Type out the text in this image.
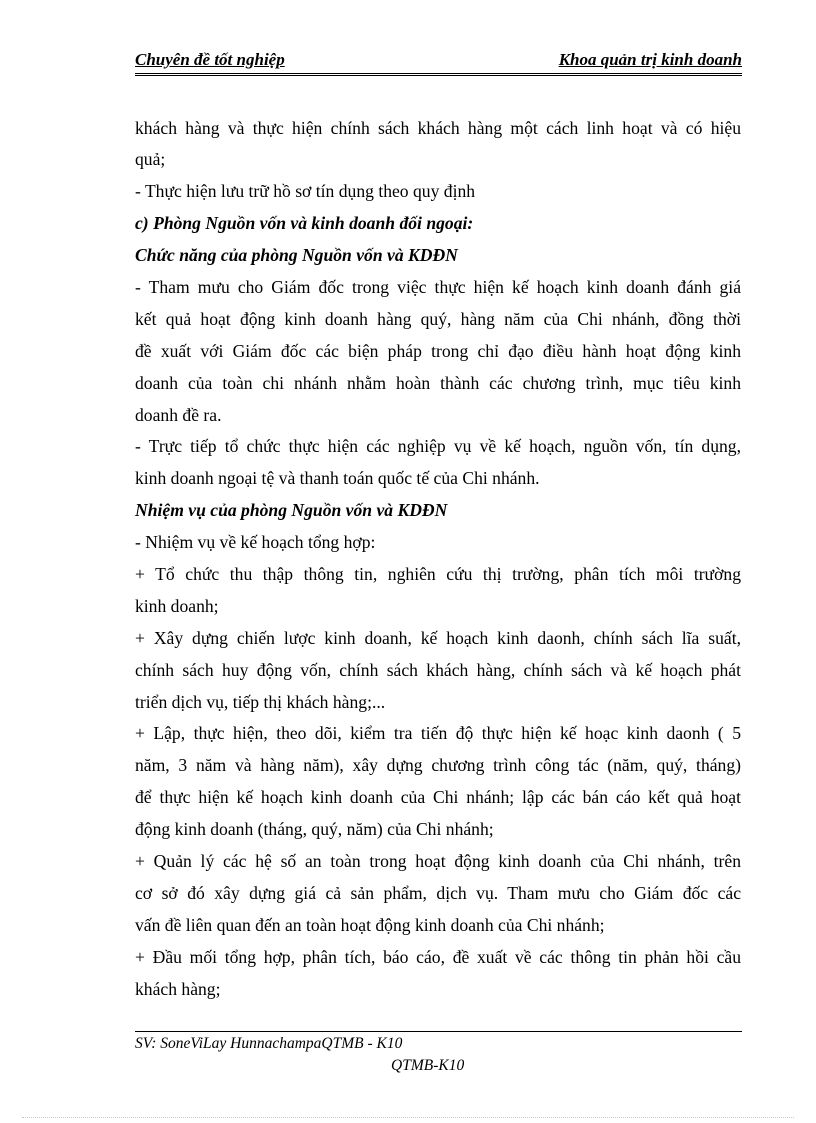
Chuyên đề tốt nghiệp	Khoa quản trị kinh doanh
khách hàng và thực hiện chính sách khách hàng một cách linh hoạt và có hiệu
quả;
- Thực hiện lưu trữ hồ sơ tín dụng theo quy định
c) Phòng Nguồn vốn và kinh doanh đối ngoại:
Chức năng của phòng Nguồn vốn và KDĐN
- Tham mưu cho Giám đốc trong việc thực hiện kế hoạch kinh doanh đánh giá
kết quả hoạt động kinh doanh hàng quý, hàng năm của Chi nhánh, đồng thời
đề xuất với Giám đốc các biện pháp trong chỉ đạo điều hành hoạt động kinh
doanh của toàn chi nhánh nhằm hoàn thành các chương trình, mục tiêu kinh
doanh đề ra.
- Trực tiếp tổ chức thực hiện các nghiệp vụ về kế hoạch, nguồn vốn, tín dụng,
kinh doanh ngoại tệ và thanh toán quốc tế của Chi nhánh.
Nhiệm vụ của phòng Nguồn vốn và KDĐN
- Nhiệm vụ về kế hoạch tổng hợp:
+ Tổ chức thu thập thông tin, nghiên cứu thị trường, phân tích môi trường
kinh doanh;
+ Xây dựng chiến lược kinh doanh, kế hoạch kinh daonh, chính sách lĩa suất,
chính sách huy động vốn, chính sách khách hàng, chính sách và kế hoạch phát
triển dịch vụ, tiếp thị khách hàng;...
+ Lập, thực hiện, theo dõi, kiểm tra tiến độ thực hiện kế hoạc kinh daonh ( 5
năm, 3 năm và hàng năm), xây dựng chương trình công tác (năm, quý, tháng)
để thực hiện kế hoạch kinh doanh của Chi nhánh; lập các bán cáo kết quả hoạt
động kinh doanh (tháng, quý, năm) của Chi nhánh;
+ Quản lý các hệ số an toàn trong hoạt động kinh doanh của Chi nhánh, trên
cơ sở đó xây dựng giá cả sản phẩm, dịch vụ. Tham mưu cho Giám đốc các
vấn đề liên quan đến an toàn hoạt động kinh doanh của Chi nhánh;
+ Đầu mối tổng hợp, phân tích, báo cáo, đề xuất về các thông tin phản hồi cầu
khách hàng;
SV: SoneViLay HunnachampaQTMB - K10
QTMB-K10
